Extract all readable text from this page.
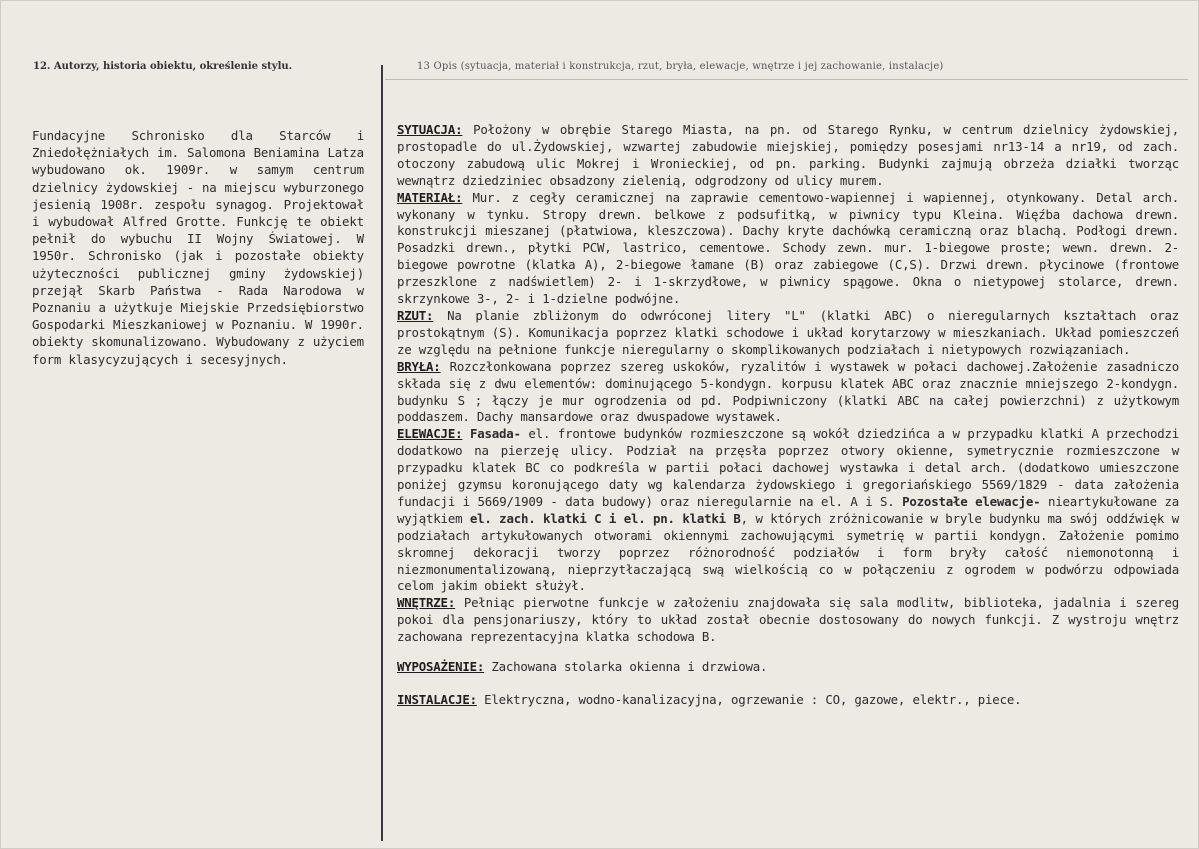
12. Autorzy, historia obiektu, określenie stylu.	13 Opis (sytuacja, materiał i konstrukcja, rzut, bryła, elewacje, wnętrze i jej zachowanie, instalacje)
Fundacyjne Schronisko dla Starców i Zniedołężniałych im. Salomona Beniamina Latza wybudowano ok. 1909r. w samym centrum dzielnicy żydowskiej - na miejscu wyburzonego jesienią 1908r. zespołu synagog. Projektował i wybudował Alfred Grotte. Funkcję te obiekt pełnił do wybuchu II Wojny Światowej. W 1950r. Schronisko (jak i pozostałe obiekty użyteczności publicznej gminy żydowskiej) przejął Skarb Państwa - Rada Narodowa w Poznaniu a użytkuje Miejskie Przedsiębiorstwo Gospodarki Mieszkaniowej w Poznaniu. W 1990r. obiekty skomunalizowano. Wybudowany z użyciem form klasycyzujących i secesyjnych.

SYTUACJA: Położony w obrębie Starego Miasta, na pn. od Starego Rynku, w centrum dzielnicy żydowskiej, prostopadle do ul.Żydowskiej, wzwartej zabudowie miejskiej, pomiędzy posesjami nr13-14 a nr19, od zach. otoczony zabudową ulic Mokrej i Wronieckiej, od pn. parking. Budynki zajmują obrzeża działki tworząc wewnątrz dziedziniec obsadzony zielenią, odgrodzony od ulicy murem.

MATERIAŁ: Mur. z cegły ceramicznej na zaprawie cementowo-wapiennej i wapiennej, otynkowany. Detal arch. wykonany w tynku. Stropy drewn. belkowe z podsufitką, w piwnicy typu Kleina. Więźba dachowa drewn. konstrukcji mieszanej (płatwiowa, kleszczowa). Dachy kryte dachówką ceramiczną oraz blachą. Podłogi drewn. Posadzki drewn., płytki PCW, lastrico, cementowe. Schody zewn. mur. 1-biegowe proste; wewn. drewn. 2-biegowe powrotne (klatka A), 2-biegowe łamane (B) oraz zabiegowe (C,S). Drzwi drewn. płycinowe (frontowe przeszklone z nadświetlem) 2- i 1-skrzydłowe, w piwnicy spągowe. Okna o nietypowej stolarce, drewn. skrzynkowe 3-, 2- i 1-dzielne podwójne.

RZUT: Na planie zbliżonym do odwróconej litery "L" (klatki ABC) o nieregularnych kształtach oraz prostokątnym (S). Komunikacja poprzez klatki schodowe i układ korytarzowy w mieszkaniach. Układ pomieszczeń ze względu na pełnione funkcje nieregularny o skomplikowanych podziałach i nietypowych rozwiązaniach.

BRYŁA: Rozczłonkowana poprzez szereg uskoków, ryzalitów i wystawek w połaci dachowej.Założenie zasadniczo składa się z dwu elementów: dominującego 5-kondygn. korpusu klatek ABC oraz znacznie mniejszego 2-kondygn. budynku S ; łączy je mur ogrodzenia od pd. Podpiwniczony (klatki ABC na całej powierzchni) z użytkowym poddaszem. Dachy mansardowe oraz dwuspadowe wystawek.

ELEWACJE: Fasada- el. frontowe budynków rozmieszczone są wokół dziedzińca a w przypadku klatki A przechodzi dodatkowo na pierzeję ulicy. Podział na przęsła poprzez otwory okienne, symetrycznie rozmieszczone w przypadku klatek BC co podkreśla w partii połaci dachowej wystawka i detal arch. (dodatkowo umieszczone poniżej gzymsu koronującego daty wg kalendarza żydowskiego i gregoriańskiego 5569/1829 - data założenia fundacji i 5669/1909 - data budowy) oraz nieregularnie na el. A i S. Pozostałe elewacje- nieartykułowane za wyjątkiem el. zach. klatki C i el. pn. klatki B, w których zróżnicowanie w bryle budynku ma swój oddźwięk w podziałach artykułowanych otworami okiennymi zachowującymi symetrię w partii kondygn. Założenie pomimo skromnej dekoracji tworzy poprzez różnorodność podziałów i form bryły całość niemonotonną i niezmonumentalizowaną, nieprzytłaczającą swą wielkością co w połączeniu z ogrodem w podwórzu odpowiada celom jakim obiekt służył.

WNĘTRZE: Pełniąc pierwotne funkcje w założeniu znajdowała się sala modlitw, biblioteka, jadalnia i szereg pokoi dla pensjonariuszy, który to układ został obecnie dostosowany do nowych funkcji. Z wystroju wnętrz zachowana reprezentacyjna klatka schodowa B.

WYPOSAŻENIE: Zachowana stolarka okienna i drzwiowa.

INSTALACJE: Elektryczna, wodno-kanalizacyjna, ogrzewanie : CO, gazowe, elektr., piece.
